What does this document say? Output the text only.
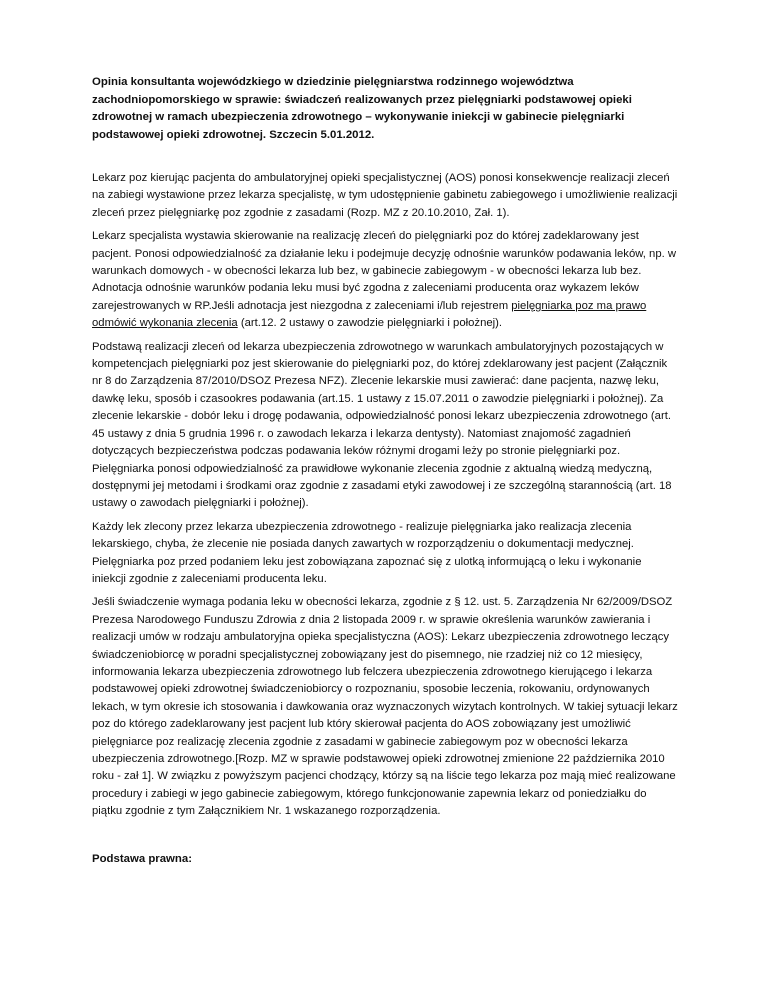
Opinia konsultanta wojewódzkiego w dziedzinie pielęgniarstwa rodzinnego województwa zachodniopomorskiego w sprawie: świadczeń realizowanych przez pielęgniarki podstawowej opieki zdrowotnej w ramach ubezpieczenia zdrowotnego – wykonywanie iniekcji w gabinecie pielęgniarki podstawowej opieki zdrowotnej. Szczecin 5.01.2012.

Lekarz poz kierując pacjenta do ambulatoryjnej opieki specjalistycznej (AOS) ponosi konsekwencje realizacji zleceń na zabiegi wystawione przez lekarza specjalistę, w tym udostępnienie gabinetu zabiegowego i umożliwienie realizacji zleceń przez pielęgniarkę poz zgodnie z zasadami (Rozp. MZ z 20.10.2010, Zał. 1).

Lekarz specjalista wystawia skierowanie na realizację zleceń do pielęgniarki poz do której zadeklarowany jest pacjent. Ponosi odpowiedzialność za działanie leku i podejmuje decyzję odnośnie warunków podawania leków, np. w warunkach domowych - w obecności lekarza lub bez, w gabinecie zabiegowym - w obecności lekarza lub bez. Adnotacja odnośnie warunków podania leku musi być zgodna z zaleceniami producenta oraz wykazem leków zarejestrowanych w RP.Jeśli adnotacja jest niezgodna z zaleceniami i/lub rejestrem pielęgniarka poz ma prawo odmówić wykonania zlecenia (art.12. 2 ustawy o zawodzie pielęgniarki i położnej).

Podstawą realizacji zleceń od lekarza ubezpieczenia zdrowotnego w warunkach ambulatoryjnych pozostających w kompetencjach pielęgniarki poz jest skierowanie do pielęgniarki poz, do której zdeklarowany jest pacjent (Załącznik nr 8 do Zarządzenia 87/2010/DSOZ Prezesa NFZ). Zlecenie lekarskie musi zawierać: dane pacjenta, nazwę leku, dawkę leku, sposób i czasookres podawania (art.15. 1 ustawy z 15.07.2011 o zawodzie pielęgniarki i położnej). Za zlecenie lekarskie - dobór leku i drogę podawania, odpowiedzialność ponosi lekarz ubezpieczenia zdrowotnego (art. 45 ustawy z dnia 5 grudnia 1996 r. o zawodach lekarza i lekarza dentysty). Natomiast znajomość zagadnień dotyczących bezpieczeństwa podczas podawania leków różnymi drogami leży po stronie pielęgniarki poz. Pielęgniarka ponosi odpowiedzialność za prawidłowe wykonanie zlecenia zgodnie z aktualną wiedzą medyczną, dostępnymi jej metodami i środkami oraz zgodnie z zasadami etyki zawodowej i ze szczególną starannością (art. 18 ustawy o zawodach pielęgniarki i położnej).

Każdy lek zlecony przez lekarza ubezpieczenia zdrowotnego - realizuje pielęgniarka jako realizacja zlecenia lekarskiego, chyba, że zlecenie nie posiada danych zawartych w rozporządzeniu o dokumentacji medycznej. Pielęgniarka poz przed podaniem leku jest zobowiązana zapoznać się z ulotką informującą o leku i wykonanie iniekcji zgodnie z zaleceniami producenta leku.

Jeśli świadczenie wymaga podania leku w obecności lekarza, zgodnie z § 12. ust. 5. Zarządzenia Nr 62/2009/DSOZ Prezesa Narodowego Funduszu Zdrowia z dnia 2 listopada 2009 r. w sprawie określenia warunków zawierania i realizacji umów w rodzaju ambulatoryjna opieka specjalistyczna (AOS): Lekarz ubezpieczenia zdrowotnego leczący świadczeniobiorcę w poradni specjalistycznej zobowiązany jest do pisemnego, nie rzadziej niż co 12 miesięcy, informowania lekarza ubezpieczenia zdrowotnego lub felczera ubezpieczenia zdrowotnego kierującego i lekarza podstawowej opieki zdrowotnej świadczeniobiorcy o rozpoznaniu, sposobie leczenia, rokowaniu, ordynowanych lekach, w tym okresie ich stosowania i dawkowania oraz wyznaczonych wizytach kontrolnych. W takiej sytuacji lekarz poz do którego zadeklarowany jest pacjent lub który skierował pacjenta do AOS zobowiązany jest umożliwić pielęgniarce poz realizację zlecenia zgodnie z zasadami w gabinecie zabiegowym poz w obecności lekarza ubezpieczenia zdrowotnego.[Rozp. MZ w sprawie podstawowej opieki zdrowotnej zmienione 22 października 2010 roku - zał 1]. W związku z powyższym pacjenci chodzący, którzy są na liście tego lekarza poz mają mieć realizowane procedury i zabiegi w jego gabinecie zabiegowym, którego funkcjonowanie zapewnia lekarz od poniedziałku do piątku zgodnie z tym Załącznikiem Nr. 1 wskazanego rozporządzenia.

Podstawa prawna:
